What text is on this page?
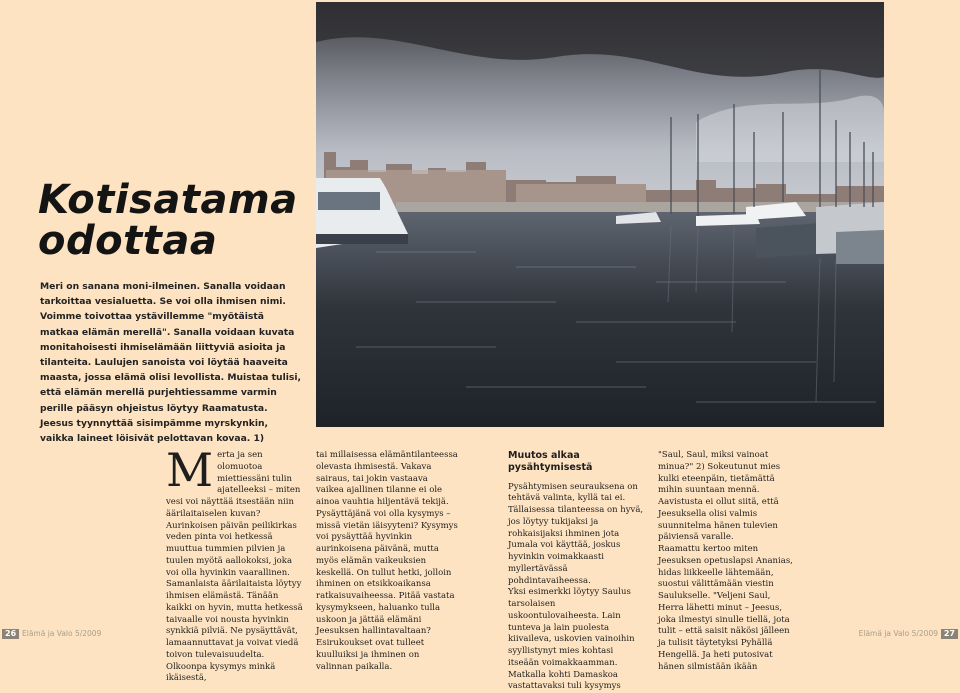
Kotisatama odottaa

Meri on sanana moni-ilmeinen. Sanalla voidaan tarkoittaa vesialuetta. Se voi olla ihmisen nimi. Voimme toivottaa ystävillemme "myötäistä matkaa elämän merellä". Sanalla voidaan kuvata monitahoisesti ihmiselämään liittyviä asioita ja tilanteita. Laulujen sanoista voi löytää haaveita maasta, jossa elämä olisi levollista. Muistaa tulisi, että elämän merellä purjehtiessamme varmin perille pääsyn ohjeistus löytyy Raamatusta. Jeesus tyynnyttää sisimpämme myrskynkin, vaikka laineet löisivät pelottavan kovaa. 1)

M erta ja sen olomuotoa miettiessäni tulin ajatelleeksi – miten vesi voi näyttää itsestään niin äärilaitaiselen kuvan? Aurinkoisen päivän peilikirkas veden pinta voi hetkessä muuttua tummien pilvien ja tuulen myötä aallokoksi, joka voi olla hyvinkin vaarallinen.

Samanlaista äärilaitaista löytyy ihmisen elämästä. Tänään kaikki on hyvin, mutta hetkessä taivaalle voi nousta hyvinkin synkkiä pilviä. Ne pysäyttävät, lamaannuttavat ja voivat viedä toivon tulevaisuudelta. Olkoonpa kysymys minkä ikäisestä,

tai millaisessa elämäntilanteessa olevasta ihmisestä. Vakava sairaus, tai jokin vastaava vaikea ajallinen tilanne ei ole ainoa vauhtia hiljentävä tekijä. Pysäyttäjänä voi olla kysymys – missä vietän iäisyyteni? Kysymys voi pysäyttää hyvinkin aurinkoisena päivänä, mutta myös elämän vaikeuksien keskellä. On tullut hetki, jolloin ihminen on etsikkoaikansa ratkaisuvaiheessa. Pitää vastata kysymykseen, haluanko tulla uskoon ja jättää elämäni Jeesuksen hallintavaltaan? Esirukoukset ovat tulleet kuulluiksi ja ihminen on valinnan paikalla.

Muutos alkaa pysähtymisestä

Pysähtymisen seurauksena on tehtävä valinta, kyllä tai ei. Tällaisessa tilanteessa on hyvä, jos löytyy tukijaksi ja rohkaisijaksi ihminen jota Jumala voi käyttää, joskus hyvinkin voimakkaasti myllertävässä pohdintavaiheessa.

Yksi esimerkki löytyy Saulus tarsolaisen uskoontulovaiheesta. Lain tunteva ja lain puolesta kiivaileva, uskovien vainoihin syyllistynyt mies kohtasi itseään voimakkaamman. Matkalla kohti Damaskoa vastattavaksi tuli kysymys

"Saul, Saul, miksi vainoat minua?" 2) Sokeutunut mies kulki eteenpäin, tietämättä mihin suuntaan mennä. Aavistusta ei ollut siitä, että Jeesuksella olisi valmis suunnitelma hänen tulevien päiviensä varalle.

Raamattu kertoo miten Jeesuksen opetuslapsi Ananias, hidas liikkeelle lähtemään, suostui välittämään viestin Saulukselle. "Veljeni Saul, Herra lähetti minut – Jeesus, joka ilmestyi sinulle tiellä, jota tulit – että saisit näkösi jälleen ja tulisit täytetyksi Pyhällä Hengellä. Ja heti putosivat hänen silmistään ikään

26 Elämä ja Valo 5/2009	Elämä ja Valo 5/2009 27
